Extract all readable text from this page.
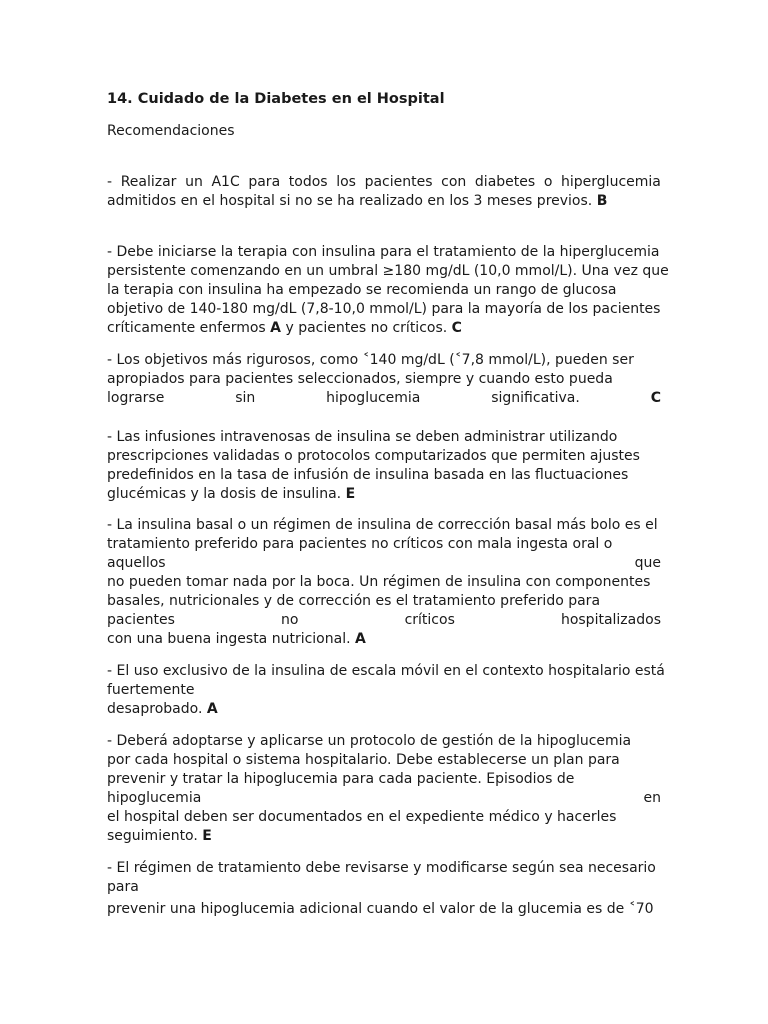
14. Cuidado de la Diabetes en el Hospital
Recomendaciones
- Realizar un A1C para todos los pacientes con diabetes o hiperglucemia
admitidos en el hospital si no se ha realizado en los 3 meses previos. B
- Debe iniciarse la terapia con insulina para el tratamiento de la hiperglucemia
persistente comenzando en un umbral ≥180 mg/dL (10,0 mmol/L). Una vez que
la terapia con insulina ha empezado se recomienda un rango de glucosa
objetivo de 140-180 mg/dL (7,8-10,0 mmol/L) para la mayoría de los pacientes
críticamente enfermos A y pacientes no críticos. C
- Los objetivos más rigurosos, como ˂140 mg/dL (˂7,8 mmol/L), pueden ser
apropiados para pacientes seleccionados, siempre y cuando esto pueda
lograrse	sin	hipoglucemia	significativa.	C
- Las infusiones intravenosas de insulina se deben administrar utilizando
prescripciones validadas o protocolos computarizados que permiten ajustes
predefinidos en la tasa de infusión de insulina basada en las fluctuaciones
glucémicas y la dosis de insulina. E
- La insulina basal o un régimen de insulina de corrección basal más bolo es el
tratamiento preferido para pacientes no críticos con mala ingesta oral o
aquellos	que
no pueden tomar nada por la boca. Un régimen de insulina con componentes
basales, nutricionales y de corrección es el tratamiento preferido para
pacientes	no	críticos	hospitalizados
con una buena ingesta nutricional. A
- El uso exclusivo de la insulina de escala móvil en el contexto hospitalario está
fuertemente
desaprobado. A
- Deberá adoptarse y aplicarse un protocolo de gestión de la hipoglucemia
por cada hospital o sistema hospitalario. Debe establecerse un plan para
prevenir y tratar la hipoglucemia para cada paciente. Episodios de
hipoglucemia	en
el hospital deben ser documentados en el expediente médico y hacerles
seguimiento. E
- El régimen de tratamiento debe revisarse y modificarse según sea necesario
para
prevenir una hipoglucemia adicional cuando el valor de la glucemia es de ˂70
